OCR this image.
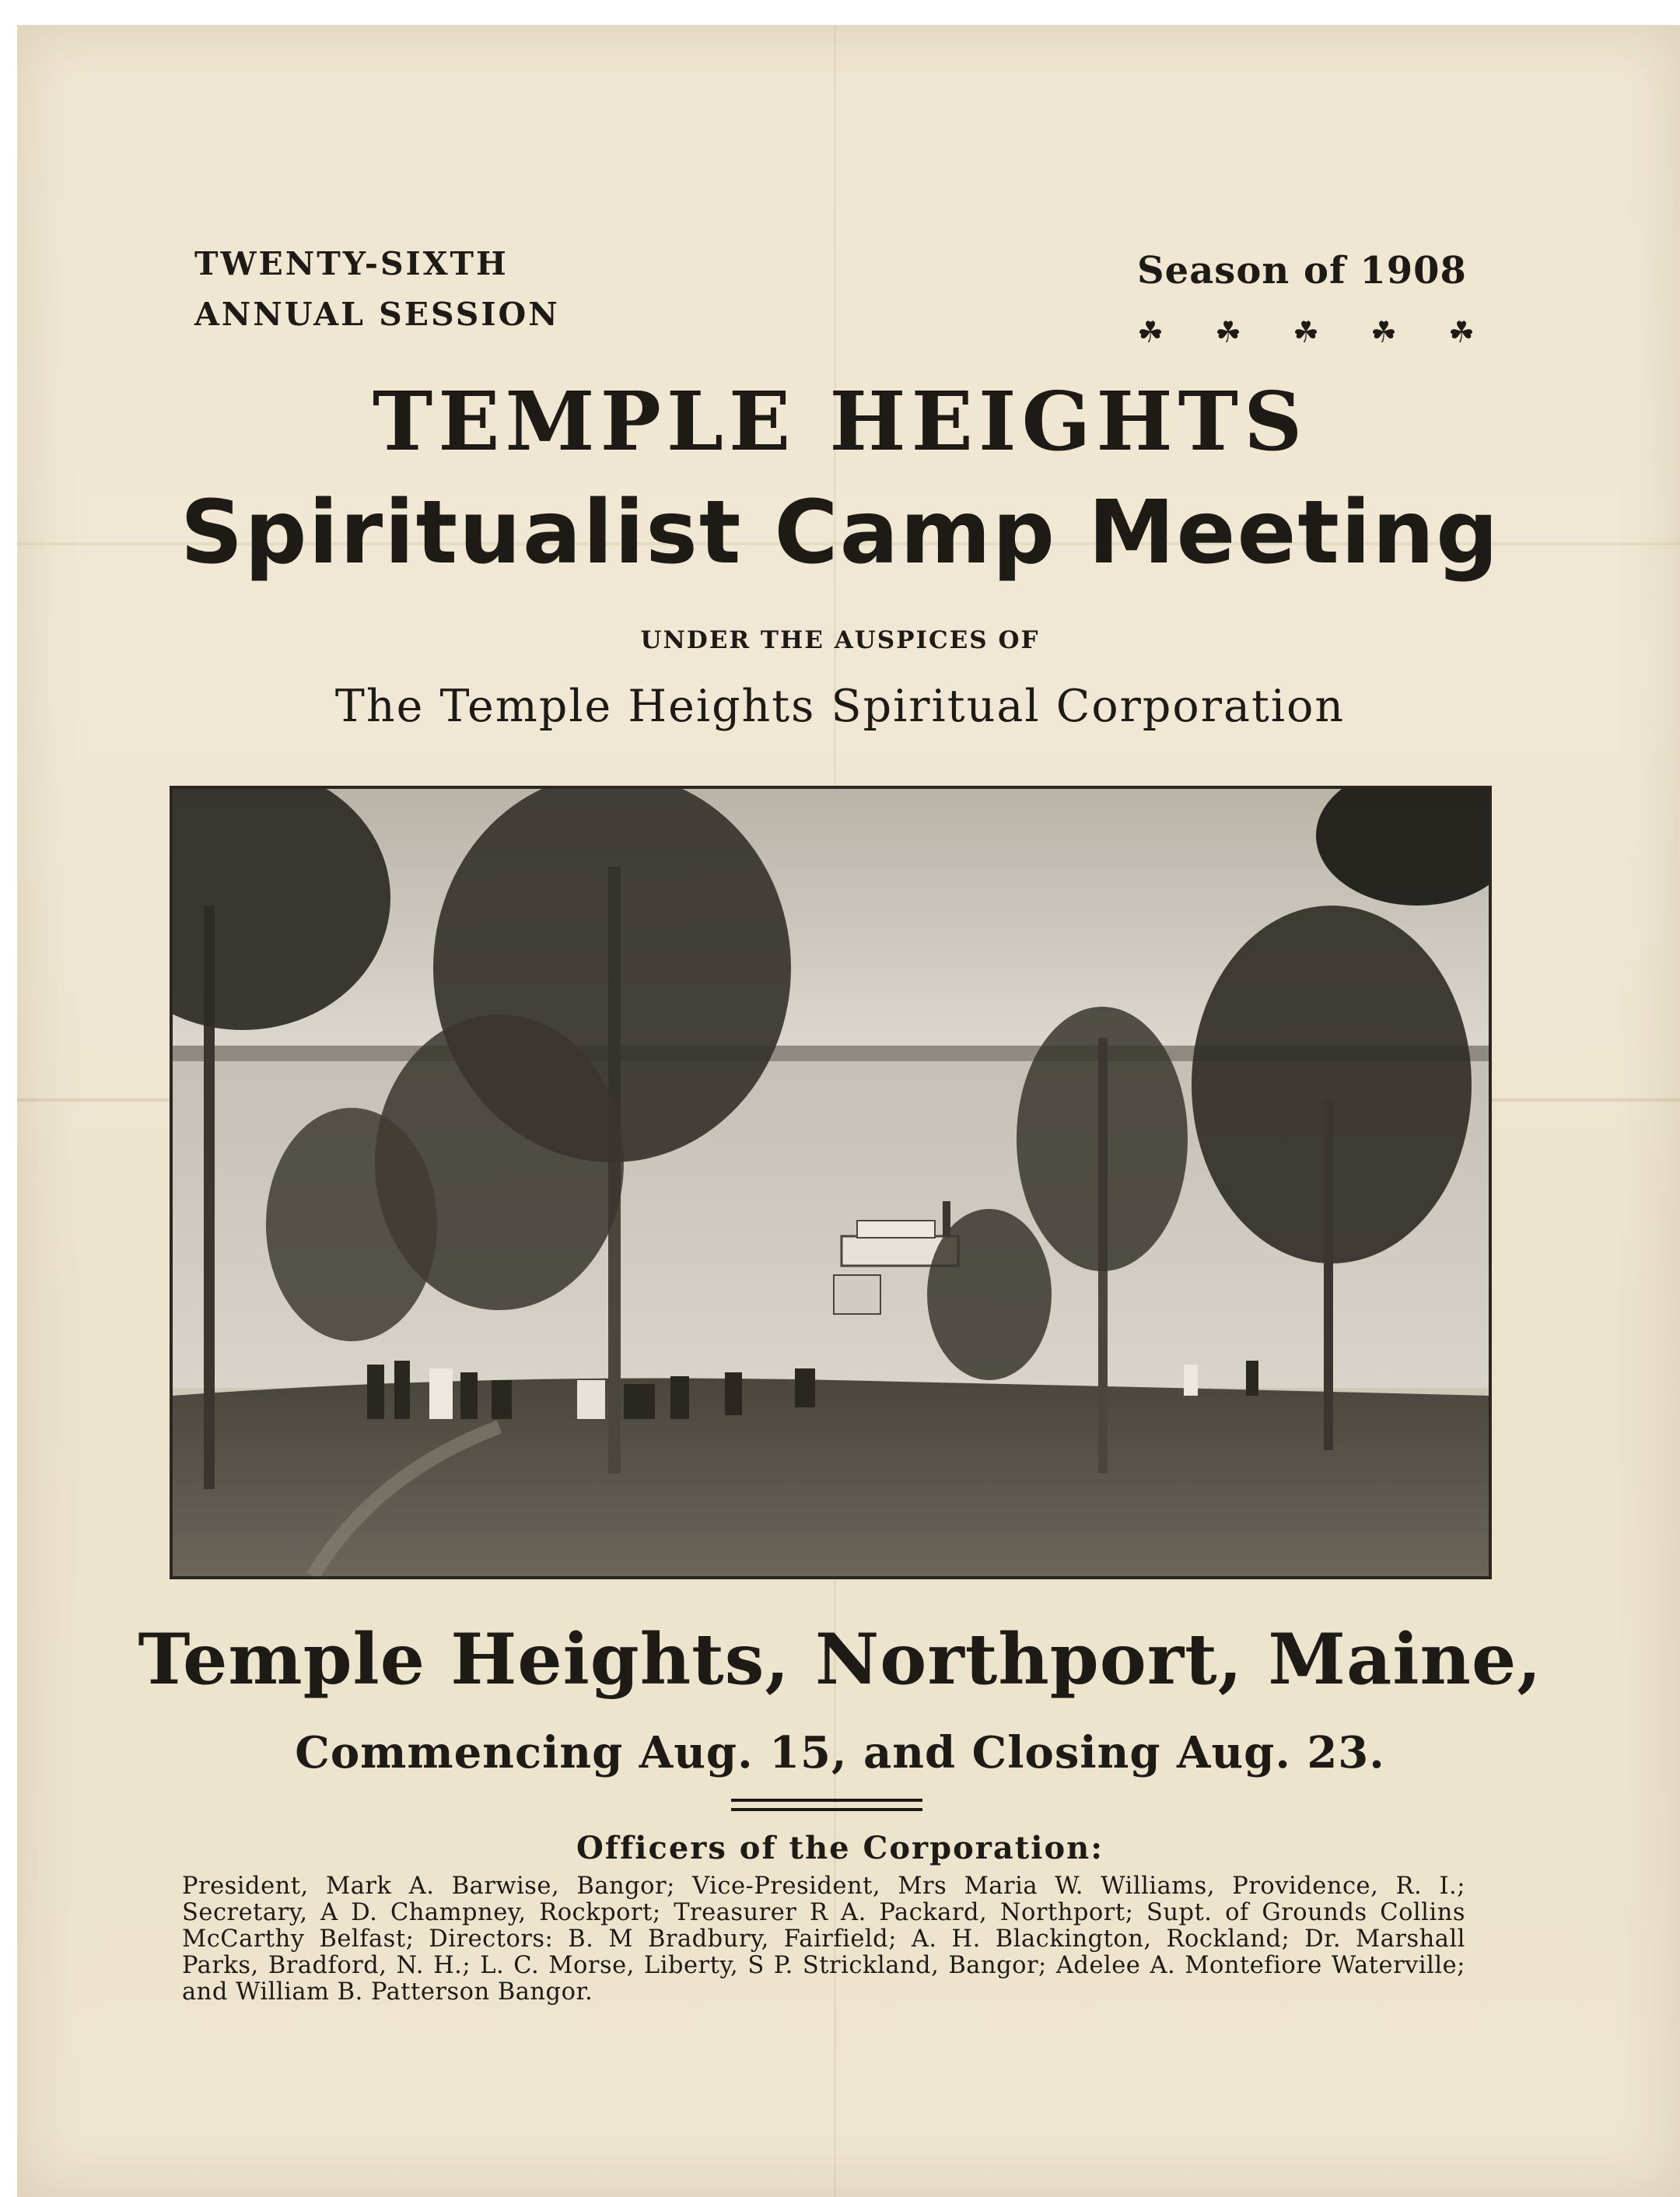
TWENTY-SIXTH
ANNUAL SESSION
Season of 1908
☘ ☘ ☘ ☘ ☘
TEMPLE HEIGHTS
Spiritualist Camp Meeting
UNDER THE AUSPICES OF
The Temple Heights Spiritual Corporation
Temple Heights, Northport, Maine,
Commencing Aug. 15, and Closing Aug. 23.
Officers of the Corporation:
President, Mark A. Barwise, Bangor; Vice-President, Mrs Maria W. Williams, Providence, R. I.; Secretary, A D. Champney, Rockport; Treasurer R A. Packard, Northport; Supt. of Grounds Collins McCarthy Belfast; Directors: B. M Bradbury, Fairfield; A. H. Blackington, Rockland; Dr. Marshall Parks, Bradford, N. H.; L. C. Morse, Liberty, S P. Strickland, Bangor; Adelee A. Montefiore Waterville; and William B. Patterson Bangor.
